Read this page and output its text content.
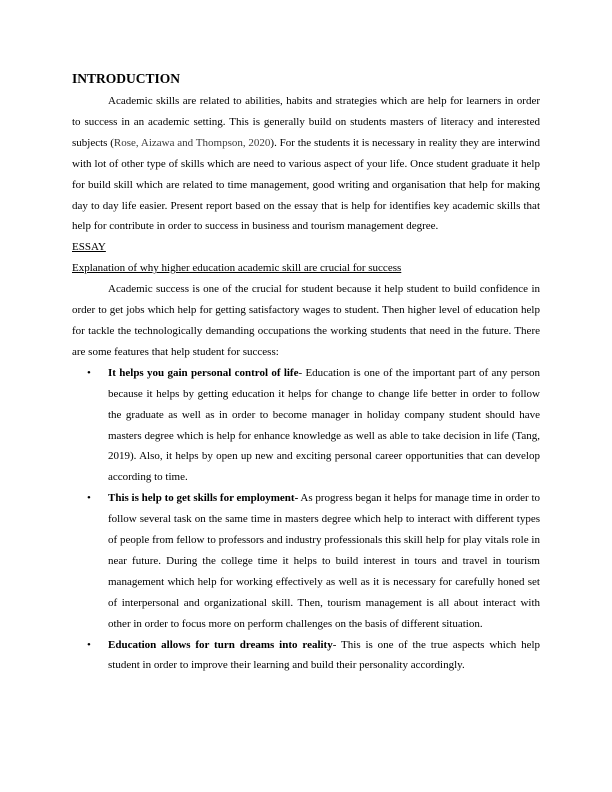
INTRODUCTION

Academic skills are related to abilities, habits and strategies which are help for learners in order to success in an academic setting. This is generally build on students masters of literacy and interested subjects (Rose, Aizawa and Thompson, 2020). For the students it is necessary in reality they are interwind with lot of other type of skills which are need to various aspect of your life. Once student graduate it help for build skill which are related to time management, good writing and organisation that help for making day to day life easier. Present report based on the essay that is help for identifies key academic skills that help for contribute in order to success in business and tourism management degree.

ESSAY

Explanation of why higher education academic skill are crucial for success

Academic success is one of the crucial for student because it help student to build confidence in order to get jobs which help for getting satisfactory wages to student. Then higher level of education help for tackle the technologically demanding occupations the working students that need in the future. There are some features that help student for success:

• It helps you gain personal control of life- Education is one of the important part of any person because it helps by getting education it helps for change to change life better in order to follow the graduate as well as in order to become manager in holiday company student should have masters degree which is help for enhance knowledge as well as able to take decision in life (Tang, 2019). Also, it helps by open up new and exciting personal career opportunities that can develop according to time.
• This is help to get skills for employment- As progress began it helps for manage time in order to follow several task on the same time in masters degree which help to interact with different types of people from fellow to professors and industry professionals this skill help for play vitals role in near future. During the college time it helps to build interest in tours and travel in tourism management which help for working effectively as well as it is necessary for carefully honed set of interpersonal and organizational skill. Then, tourism management is all about interact with other in order to focus more on perform challenges on the basis of different situation.
• Education allows for turn dreams into reality- This is one of the true aspects which help student in order to improve their learning and build their personality accordingly.
